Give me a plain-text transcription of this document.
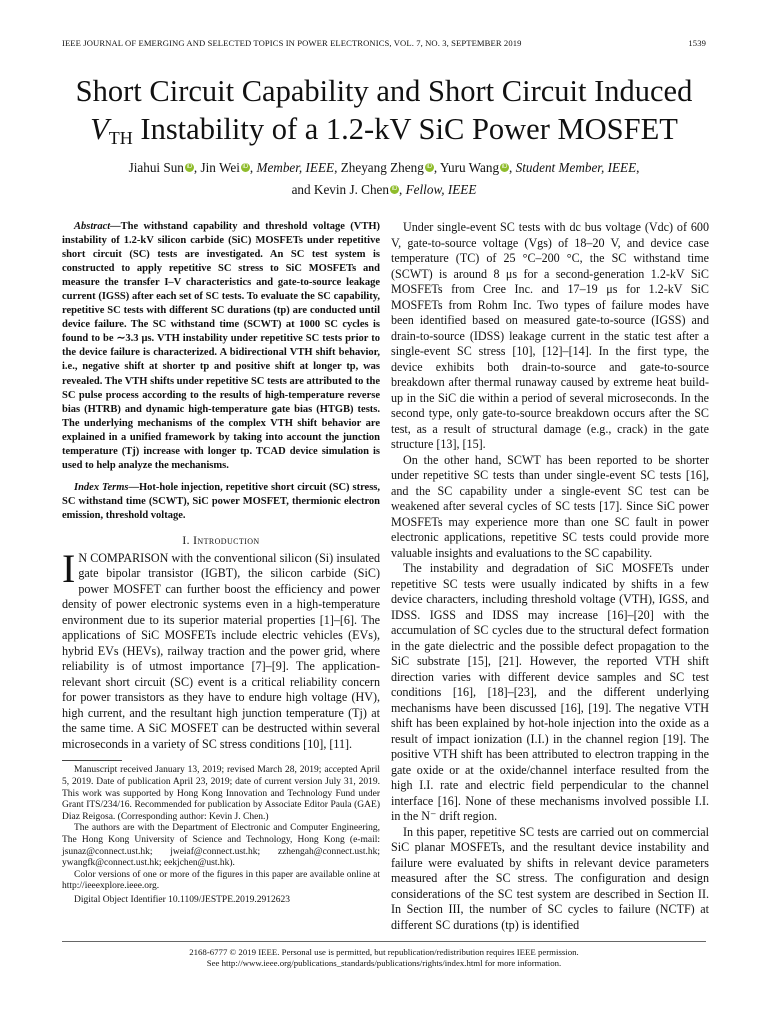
IEEE JOURNAL OF EMERGING AND SELECTED TOPICS IN POWER ELECTRONICS, VOL. 7, NO. 3, SEPTEMBER 2019	1539
Short Circuit Capability and Short Circuit Induced
$V_{TH}$ Instability of a 1.2-kV SiC Power MOSFET
Jiahui Sun iD , Jin Wei iD , Member, IEEE, Zheyang Zheng iD , Yuru Wang iD , Student Member, IEEE,
and Kevin J. Chen iD , Fellow, IEEE

Abstract—The withstand capability and threshold voltage (VTH) instability of 1.2-kV silicon carbide (SiC) MOSFETs under repetitive short circuit (SC) tests are investigated. An SC test system is constructed to apply repetitive SC stress to SiC MOSFETs and measure the transfer I–V characteristics and gate-to-source leakage current (IGSS) after each set of SC tests. To evaluate the SC capability, repetitive SC tests with different SC durations (tp) are conducted until device failure. The SC withstand time (SCWT) at 1000 SC cycles is found to be ∼3.3 μs. VTH instability under repetitive SC tests prior to the device failure is characterized. A bidirectional VTH shift behavior, i.e., negative shift at shorter tp and positive shift at longer tp, was revealed. The VTH shifts under repetitive SC tests are attributed to the SC pulse process according to the results of high-temperature reverse bias (HTRB) and dynamic high-temperature gate bias (HTGB) tests. The underlying mechanisms of the complex VTH shift behavior are explained in a unified framework by taking into account the junction temperature (Tj) increase with longer tp. TCAD device simulation is used to help analyze the mechanisms.

Index Terms—Hot-hole injection, repetitive short circuit (SC) stress, SC withstand time (SCWT), SiC power MOSFET, thermionic electron emission, threshold voltage.

I. Introduction

I N COMPARISON with the conventional silicon (Si) insulated gate bipolar transistor (IGBT), the silicon carbide (SiC) power MOSFET can further boost the efficiency and power density of power electronic systems even in a high-temperature environment due to its superior material properties [1]–[6]. The applications of SiC MOSFETs include electric vehicles (EVs), hybrid EVs (HEVs), railway traction and the power grid, where reliability is of utmost importance [7]–[9]. The application-relevant short circuit (SC) event is a critical reliability concern for power transistors as they have to endure high voltage (HV), high current, and the resultant high junction temperature (Tj) at the same time. A SiC MOSFET can be destructed within several microseconds in a variety of SC stress conditions [10], [11].

Manuscript received January 13, 2019; revised March 28, 2019; accepted April 5, 2019. Date of publication April 23, 2019; date of current version July 31, 2019. This work was supported by Hong Kong Innovation and Technology Fund under Grant ITS/234/16. Recommended for publication by Associate Editor Paula (GAE) Diaz Reigosa. (Corresponding author: Kevin J. Chen.)

The authors are with the Department of Electronic and Computer Engineering, The Hong Kong University of Science and Technology, Hong Kong (e-mail: jsunaz@connect.ust.hk; jweiaf@connect.ust.hk; zzhengah@connect.ust.hk; ywangfk@connect.ust.hk; eekjchen@ust.hk).

Color versions of one or more of the figures in this paper are available online at http://ieeexplore.ieee.org.

Digital Object Identifier 10.1109/JESTPE.2019.2912623

Under single-event SC tests with dc bus voltage (Vdc) of 600 V, gate-to-source voltage (Vgs) of 18–20 V, and device case temperature (TC) of 25 °C–200 °C, the SC withstand time (SCWT) is around 8 μs for a second-generation 1.2-kV SiC MOSFETs from Cree Inc. and 17–19 μs for 1.2-kV SiC MOSFETs from Rohm Inc. Two types of failure modes have been identified based on measured gate-to-source (IGSS) and drain-to-source (IDSS) leakage current in the static test after a single-event SC stress [10], [12]–[14]. In the first type, the device exhibits both drain-to-source and gate-to-source breakdown after thermal runaway caused by extreme heat build-up in the SiC die within a period of several microseconds. In the second type, only gate-to-source breakdown occurs after the SC test, as a result of structural damage (e.g., crack) in the gate structure [13], [15].

On the other hand, SCWT has been reported to be shorter under repetitive SC tests than under single-event SC tests [16], and the SC capability under a single-event SC test can be weakened after several cycles of SC tests [17]. Since SiC power MOSFETs may experience more than one SC fault in power electronic applications, repetitive SC tests could provide more valuable insights and evaluations to the SC capability.

The instability and degradation of SiC MOSFETs under repetitive SC tests were usually indicated by shifts in a few device characters, including threshold voltage (VTH), IGSS, and IDSS. IGSS and IDSS may increase [16]–[20] with the accumulation of SC cycles due to the structural defect formation in the gate dielectric and the possible defect propagation to the SiC substrate [15], [21]. However, the reported VTH shift direction varies with different device samples and SC test conditions [16], [18]–[23], and the different underlying mechanisms have been discussed [16], [19]. The negative VTH shift has been explained by hot-hole injection into the oxide as a result of impact ionization (I.I.) in the channel region [19]. The positive VTH shift has been attributed to electron trapping in the gate oxide or at the oxide/channel interface resulted from the high I.I. rate and electric field perpendicular to the channel interface [16]. None of these mechanisms involved possible I.I. in the N⁻ drift region.

In this paper, repetitive SC tests are carried out on commercial SiC planar MOSFETs, and the resultant device instability and failure were evaluated by shifts in relevant device parameters measured after the SC stress. The configuration and design considerations of the SC test system are described in Section II. In Section III, the number of SC cycles to failure (NCTF) at different SC durations (tp) is identified

2168-6777 © 2019 IEEE. Personal use is permitted, but republication/redistribution requires IEEE permission.
See http://www.ieee.org/publications_standards/publications/rights/index.html for more information.
